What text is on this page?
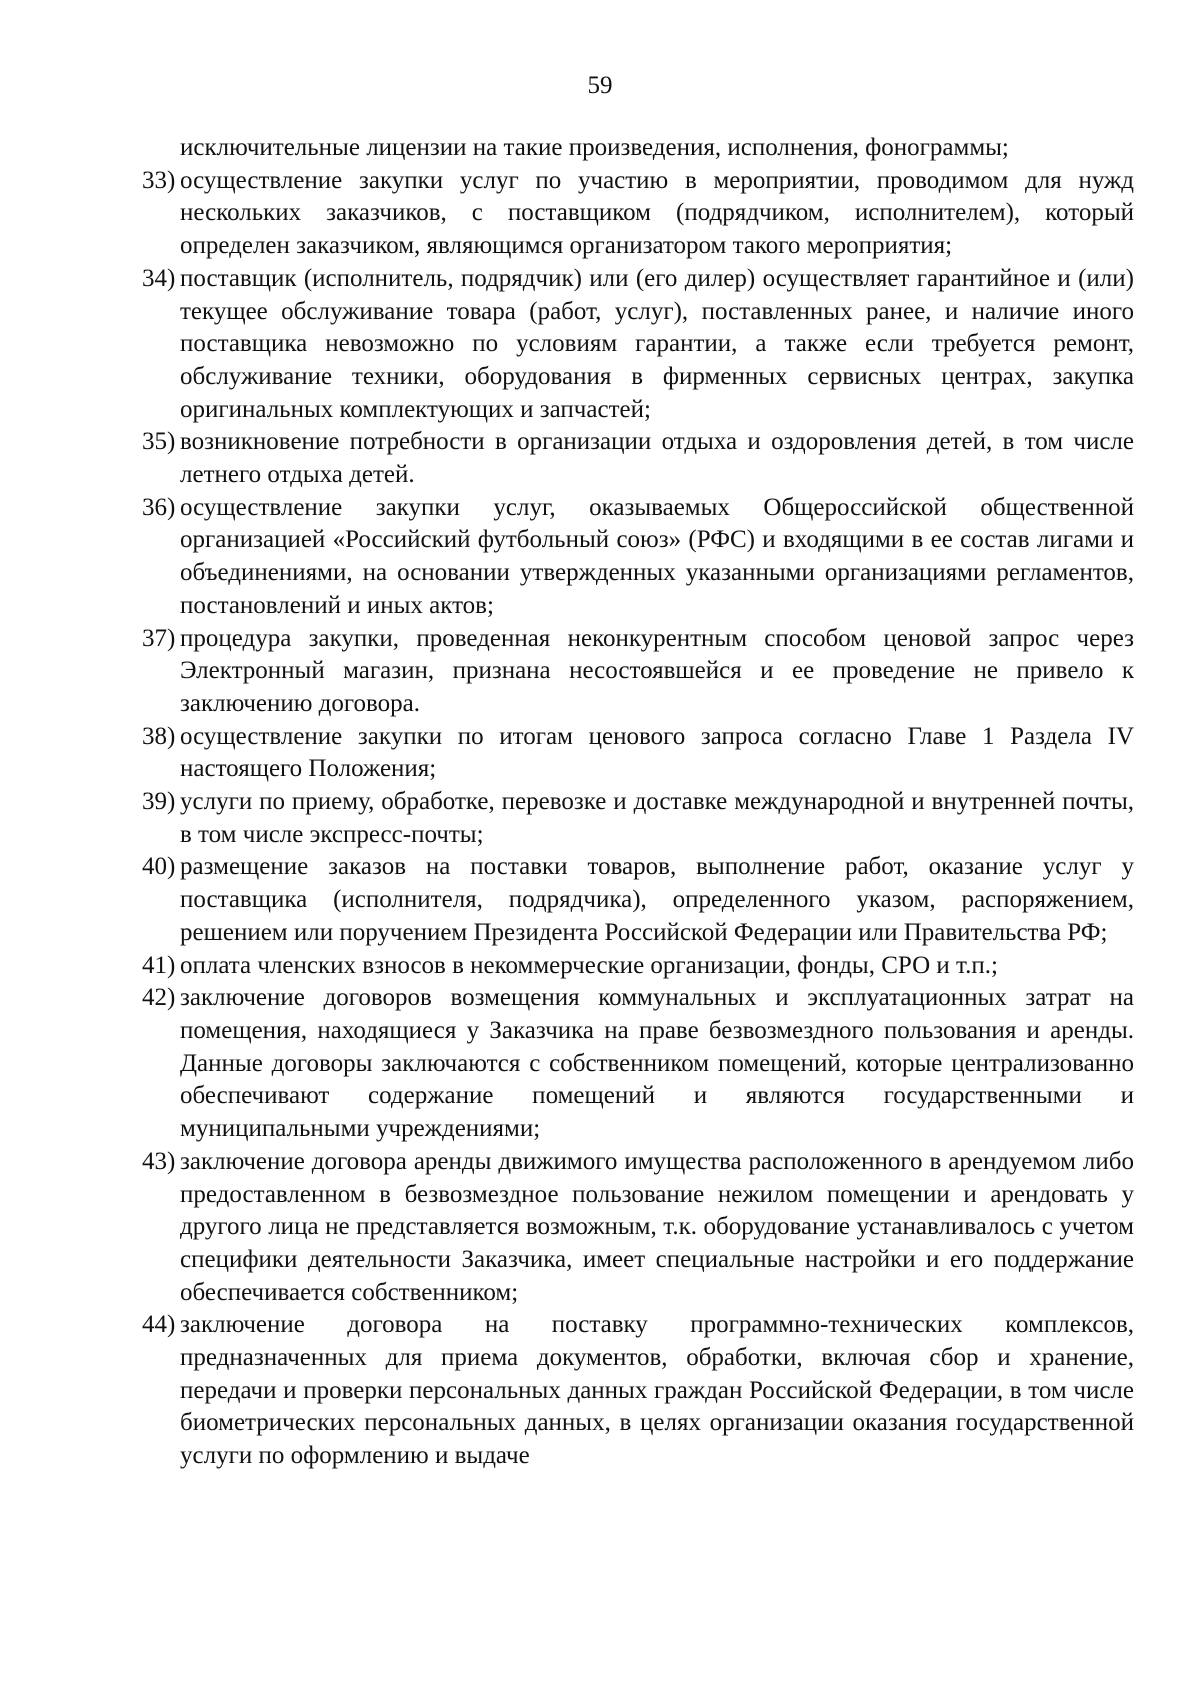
59
исключительные лицензии на такие произведения, исполнения, фонограммы;
33) осуществление закупки услуг по участию в мероприятии, проводимом для нужд нескольких заказчиков, с поставщиком (подрядчиком, исполнителем), который определен заказчиком, являющимся организатором такого мероприятия;
34) поставщик (исполнитель, подрядчик) или (его дилер) осуществляет гарантийное и (или) текущее обслуживание товара (работ, услуг), поставленных ранее, и наличие иного поставщика невозможно по условиям гарантии, а также если требуется ремонт, обслуживание техники, оборудования в фирменных сервисных центрах, закупка оригинальных комплектующих и запчастей;
35) возникновение потребности в организации отдыха и оздоровления детей, в том числе летнего отдыха детей.
36) осуществление закупки услуг, оказываемых Общероссийской общественной организацией «Российский футбольный союз» (РФС) и входящими в ее состав лигами и объединениями, на основании утвержденных указанными организациями регламентов, постановлений и иных актов;
37) процедура закупки, проведенная неконкурентным способом ценовой запрос через Электронный магазин, признана несостоявшейся и ее проведение не привело к заключению договора.
38) осуществление закупки по итогам ценового запроса согласно Главе 1 Раздела IV настоящего Положения;
39) услуги по приему, обработке, перевозке и доставке международной и внутренней почты, в том числе экспресс-почты;
40) размещение заказов на поставки товаров, выполнение работ, оказание услуг у поставщика (исполнителя, подрядчика), определенного указом, распоряжением, решением или поручением Президента Российской Федерации или Правительства РФ;
41) оплата членских взносов в некоммерческие организации, фонды, СРО и т.п.;
42) заключение договоров возмещения коммунальных и эксплуатационных затрат на помещения, находящиеся у Заказчика на праве безвозмездного пользования и аренды. Данные договоры заключаются с собственником помещений, которые централизованно обеспечивают содержание помещений и являются государственными и муниципальными учреждениями;
43) заключение договора аренды движимого имущества расположенного в арендуемом либо предоставленном в безвозмездное пользование нежилом помещении и арендовать у другого лица не представляется возможным, т.к. оборудование устанавливалось с учетом специфики деятельности Заказчика, имеет специальные настройки и его поддержание обеспечивается собственником;
44) заключение договора на поставку программно-технических комплексов, предназначенных для приема документов, обработки, включая сбор и хранение, передачи и проверки персональных данных граждан Российской Федерации, в том числе биометрических персональных данных, в целях организации оказания государственной услуги по оформлению и выдаче
